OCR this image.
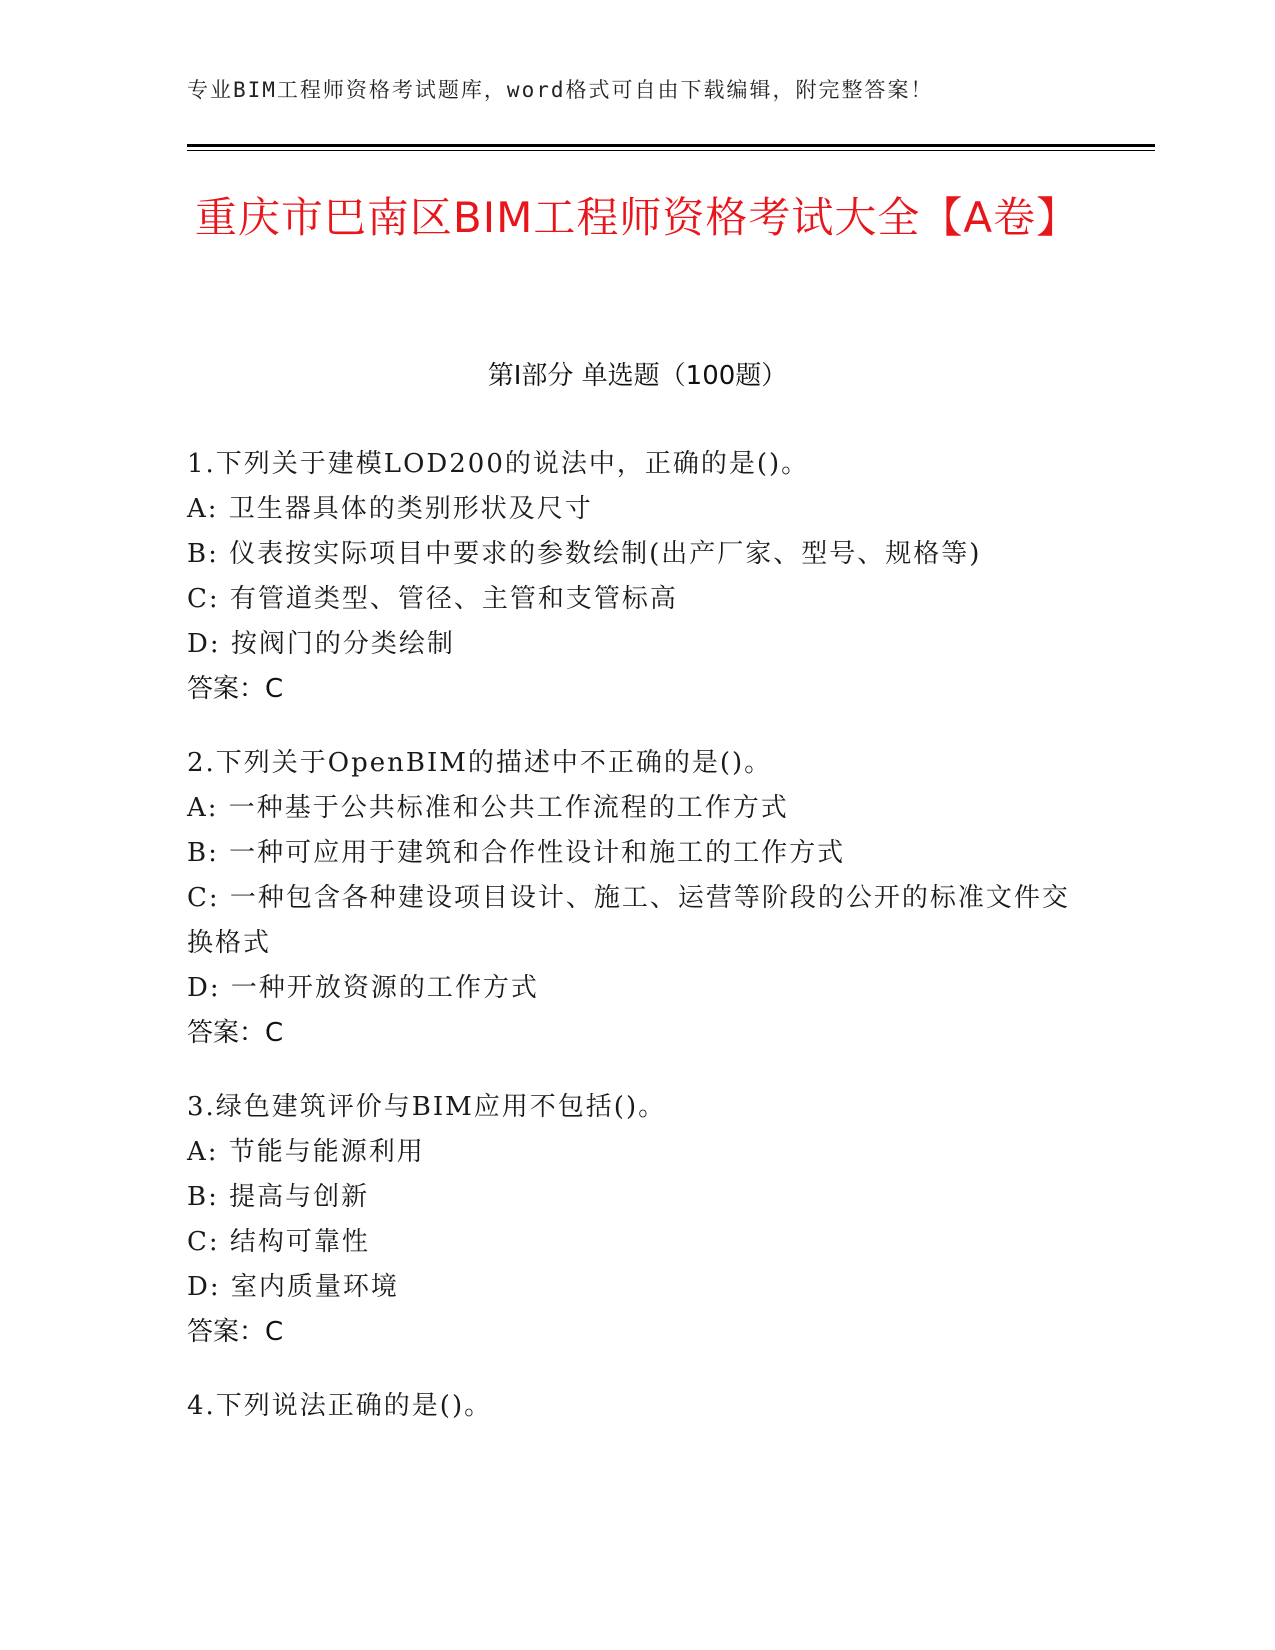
专业BIM工程师资格考试题库，word格式可自由下载编辑，附完整答案！
重庆市巴南区BIM工程师资格考试大全【A卷】
第Ⅰ部分 单选题（100题）
1.下列关于建模LOD200的说法中，正确的是()。
A: 卫生器具体的类别形状及尺寸
B: 仪表按实际项目中要求的参数绘制(出产厂家、型号、规格等)
C: 有管道类型、管径、主管和支管标高
D: 按阀门的分类绘制
答案：C
2.下列关于OpenBIM的描述中不正确的是()。
A: 一种基于公共标准和公共工作流程的工作方式
B: 一种可应用于建筑和合作性设计和施工的工作方式
C: 一种包含各种建设项目设计、施工、运营等阶段的公开的标准文件交换格式
D: 一种开放资源的工作方式
答案：C
3.绿色建筑评价与BIM应用不包括()。
A: 节能与能源利用
B: 提高与创新
C: 结构可靠性
D: 室内质量环境
答案：C
4.下列说法正确的是()。
